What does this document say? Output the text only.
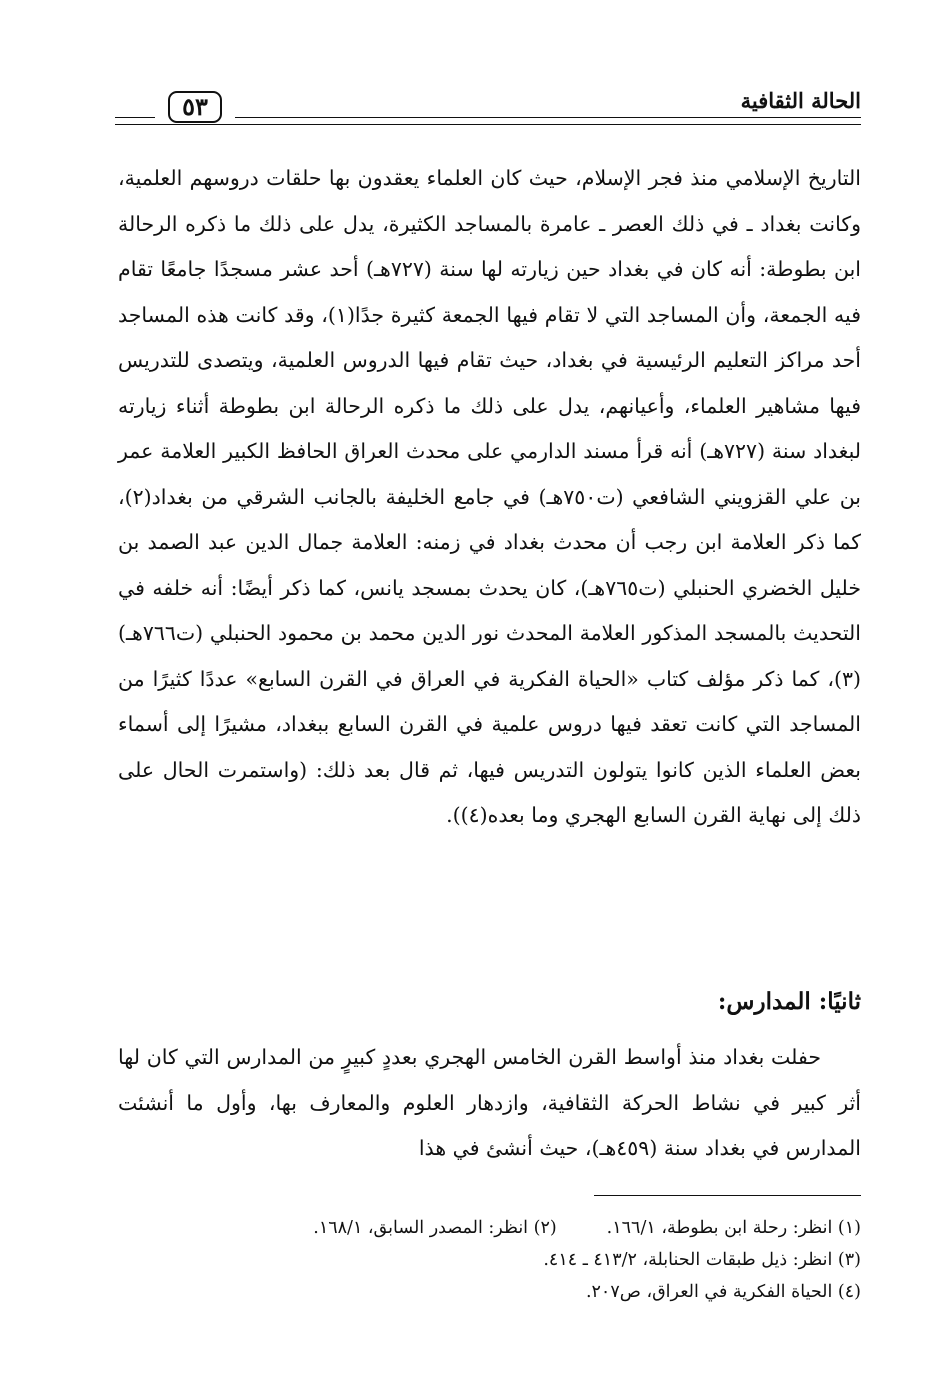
الحالة الثقافية
٥٣

التاريخ الإسلامي منذ فجر الإسلام، حيث كان العلماء يعقدون بها حلقات دروسهم العلمية، وكانت بغداد ـ في ذلك العصر ـ عامرة بالمساجد الكثيرة، يدل على ذلك ما ذكره الرحالة ابن بطوطة: أنه كان في بغداد حين زيارته لها سنة (٧٢٧هـ) أحد عشر مسجدًا جامعًا تقام فيه الجمعة، وأن المساجد التي لا تقام فيها الجمعة كثيرة جدًا(١)، وقد كانت هذه المساجد أحد مراكز التعليم الرئيسية في بغداد، حيث تقام فيها الدروس العلمية، ويتصدى للتدريس فيها مشاهير العلماء، وأعيانهم، يدل على ذلك ما ذكره الرحالة ابن بطوطة أثناء زيارته لبغداد سنة (٧٢٧هـ) أنه قرأ مسند الدارمي على محدث العراق الحافظ الكبير العلامة عمر بن علي القزويني الشافعي (ت٧٥٠هـ) في جامع الخليفة بالجانب الشرقي من بغداد(٢)، كما ذكر العلامة ابن رجب أن محدث بغداد في زمنه: العلامة جمال الدين عبد الصمد بن خليل الخضري الحنبلي (ت٧٦٥هـ)، كان يحدث بمسجد يانس، كما ذكر أيضًا: أنه خلفه في التحديث بالمسجد المذكور العلامة المحدث نور الدين محمد بن محمود الحنبلي (ت٧٦٦هـ)(٣)، كما ذكر مؤلف كتاب «الحياة الفكرية في العراق في القرن السابع» عددًا كثيرًا من المساجد التي كانت تعقد فيها دروس علمية في القرن السابع ببغداد، مشيرًا إلى أسماء بعض العلماء الذين كانوا يتولون التدريس فيها، ثم قال بعد ذلك: (واستمرت الحال على ذلك إلى نهاية القرن السابع الهجري وما بعده(٤)).

ثانيًا: المدارس:

حفلت بغداد منذ أواسط القرن الخامس الهجري بعددٍ كبيرٍ من المدارس التي كان لها أثر كبير في نشاط الحركة الثقافية، وازدهار العلوم والمعارف بها، وأول ما أنشئت المدارس في بغداد سنة (٤٥٩هـ)، حيث أنشئ في هذا

(١) انظر: رحلة ابن بطوطة، ١٦٦/١.
(٢) انظر: المصدر السابق، ١٦٨/١.
(٣) انظر: ذيل طبقات الحنابلة، ٤١٣/٢ ـ ٤١٤.
(٤) الحياة الفكرية في العراق، ص٢٠٧.
